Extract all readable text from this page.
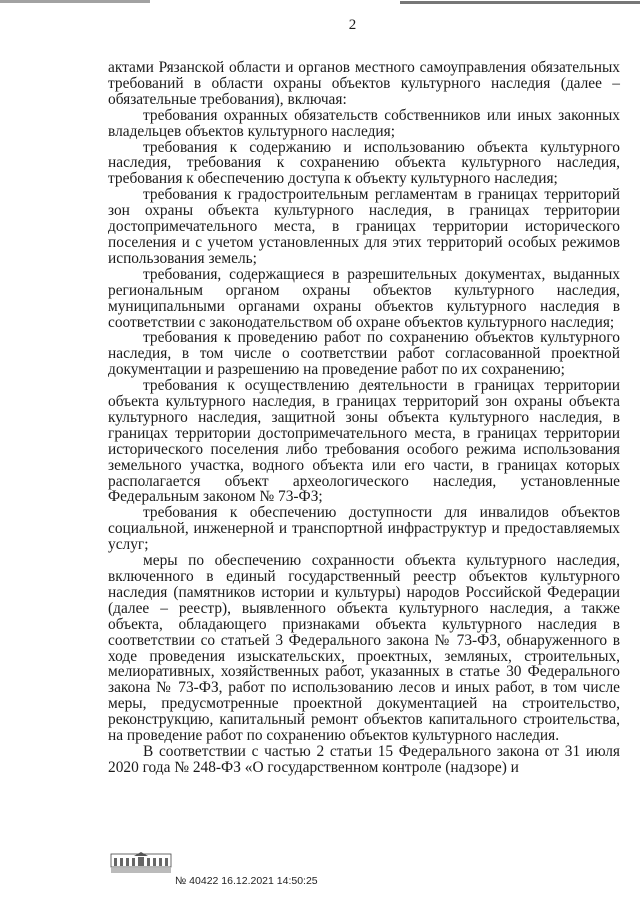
2

актами Рязанской области и органов местного самоуправления обязательных требований в области охраны объектов культурного наследия (далее – обязательные требования), включая:

требования охранных обязательств собственников или иных законных владельцев объектов культурного наследия;

требования к содержанию и использованию объекта культурного наследия, требования к сохранению объекта культурного наследия, требования к обеспечению доступа к объекту культурного наследия;

требования к градостроительным регламентам в границах территорий зон охраны объекта культурного наследия, в границах территории достопримечательного места, в границах территории исторического поселения и с учетом установленных для этих территорий особых режимов использования земель;

требования, содержащиеся в разрешительных документах, выданных региональным органом охраны объектов культурного наследия, муниципальными органами охраны объектов культурного наследия в соответствии с законодательством об охране объектов культурного наследия;

требования к проведению работ по сохранению объектов культурного наследия, в том числе о соответствии работ согласованной проектной документации и разрешению на проведение работ по их сохранению;

требования к осуществлению деятельности в границах территории объекта культурного наследия, в границах территорий зон охраны объекта культурного наследия, защитной зоны объекта культурного наследия, в границах территории достопримечательного места, в границах территории исторического поселения либо требования особого режима использования земельного участка, водного объекта или его части, в границах которых располагается объект археологического наследия, установленные Федеральным законом № 73-ФЗ;

требования к обеспечению доступности для инвалидов объектов социальной, инженерной и транспортной инфраструктур и предоставляемых услуг;

меры по обеспечению сохранности объекта культурного наследия, включенного в единый государственный реестр объектов культурного наследия (памятников истории и культуры) народов Российской Федерации (далее – реестр), выявленного объекта культурного наследия, а также объекта, обладающего признаками объекта культурного наследия в соответствии со статьей 3 Федерального закона № 73-ФЗ, обнаруженного в ходе проведения изыскательских, проектных, земляных, строительных, мелиоративных, хозяйственных работ, указанных в статье 30 Федерального закона № 73-ФЗ, работ по использованию лесов и иных работ, в том числе меры, предусмотренные проектной документацией на строительство, реконструкцию, капитальный ремонт объектов капитального строительства, на проведение работ по сохранению объектов культурного наследия.

В соответствии с частью 2 статьи 15 Федерального закона от 31 июля 2020 года № 248-ФЗ «О государственном контроле (надзоре) и

№ 40422 16.12.2021 14:50:25
